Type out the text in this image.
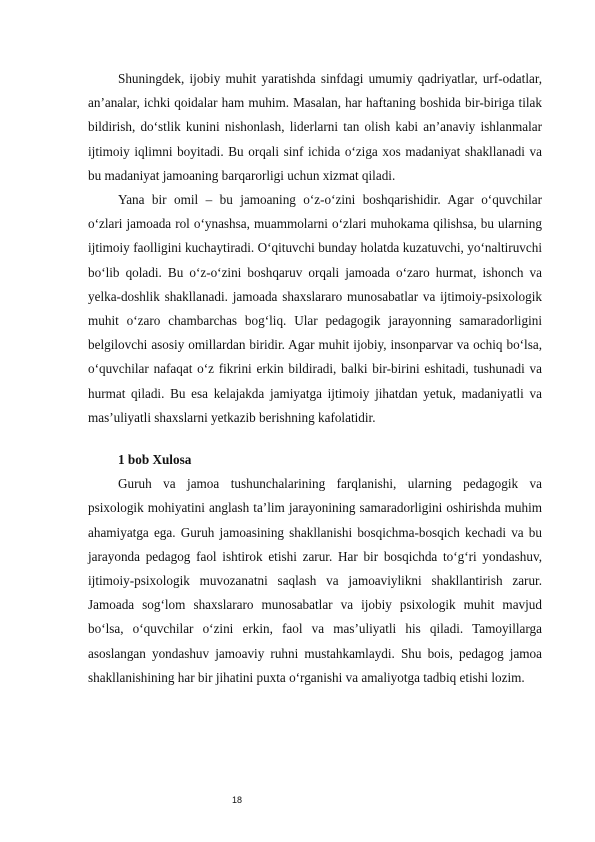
Shuningdek, ijobiy muhit yaratishda sinfdagi umumiy qadriyatlar, urf-odatlar, an’analar, ichki qoidalar ham muhim. Masalan, har haftaning boshida bir-biriga tilak bildirish, do‘stlik kunini nishonlash, liderlarni tan olish kabi an’anaviy ishlanmalar ijtimoiy iqlimni boyitadi. Bu orqali sinf ichida o‘ziga xos madaniyat shakllanadi va bu madaniyat jamoaning barqarorligi uchun xizmat qiladi.

Yana bir omil – bu jamoaning o‘z-o‘zini boshqarishidir. Agar o‘quvchilar o‘zlari jamoada rol o‘ynashsa, muammolarni o‘zlari muhokama qilishsa, bu ularning ijtimoiy faolligini kuchaytiradi. O‘qituvchi bunday holatda kuzatuvchi, yo‘naltiruvchi bo‘lib qoladi. Bu o‘z-o‘zini boshqaruv orqali jamoada o‘zaro hurmat, ishonch va yelka-doshlik shakllanadi. jamoada shaxslararo munosabatlar va ijtimoiy-psixologik muhit o‘zaro chambarchas bog‘liq. Ular pedagogik jarayonning samaradorligini belgilovchi asosiy omillardan biridir. Agar muhit ijobiy, insonparvar va ochiq bo‘lsa, o‘quvchilar nafaqat o‘z fikrini erkin bildiradi, balki bir-birini eshitadi, tushunadi va hurmat qiladi. Bu esa kelajakda jamiyatga ijtimoiy jihatdan yetuk, madaniyatli va mas’uliyatli shaxslarni yetkazib berishning kafolatidir.

1 bob Xulosa

Guruh va jamoa tushunchalarining farqlanishi, ularning pedagogik va psixologik mohiyatini anglash ta’lim jarayonining samaradorligini oshirishda muhim ahamiyatga ega. Guruh jamoasining shakllanishi bosqichma-bosqich kechadi va bu jarayonda pedagog faol ishtirok etishi zarur. Har bir bosqichda to‘g‘ri yondashuv, ijtimoiy-psixologik muvozanatni saqlash va jamoaviylikni shakllantirish zarur. Jamoada sog‘lom shaxslararo munosabatlar va ijobiy psixologik muhit mavjud bo‘lsa, o‘quvchilar o‘zini erkin, faol va mas’uliyatli his qiladi. Tamoyillarga asoslangan yondashuv jamoaviy ruhni mustahkamlaydi. Shu bois, pedagog jamoa shakllanishining har bir jihatini puxta o‘rganishi va amaliyotga tadbiq etishi lozim.

18
